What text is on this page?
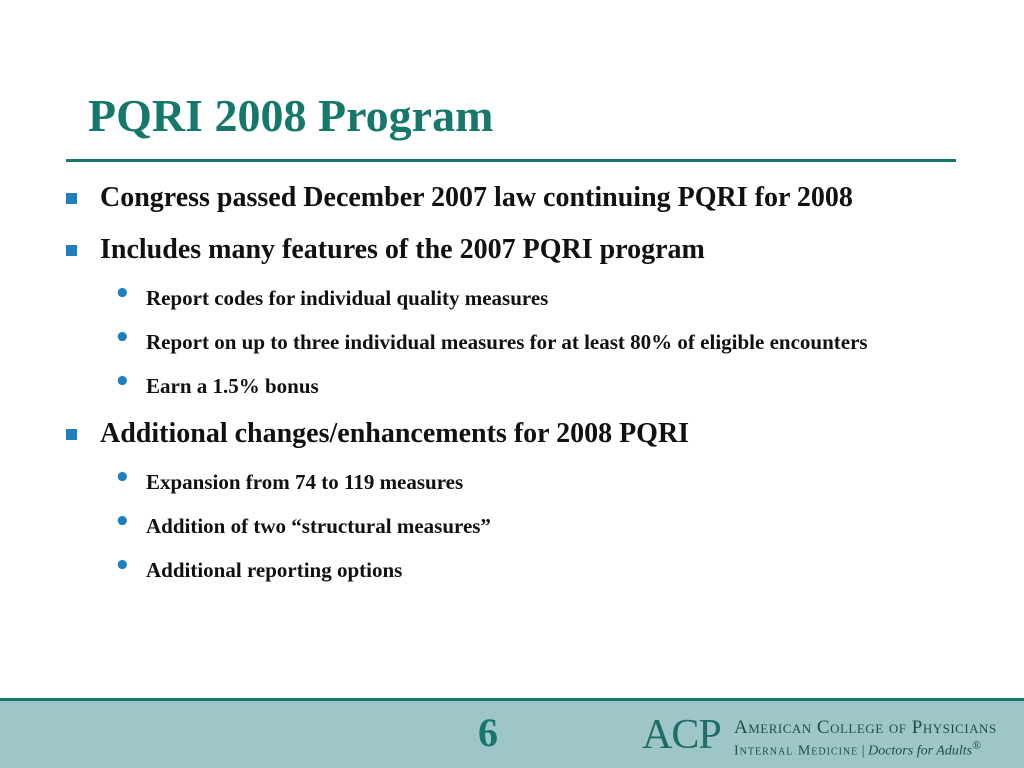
PQRI 2008 Program
Congress passed December 2007 law continuing PQRI for 2008
Includes many features of the 2007 PQRI program
• Report codes for individual quality measures
• Report on up to three individual measures for at least 80% of eligible encounters
• Earn a 1.5% bonus
Additional changes/enhancements for 2008 PQRI
• Expansion from 74 to 119 measures
• Addition of two “structural measures”
• Additional reporting options
6	ACP American College of Physicians
Internal Medicine | Doctors for Adults®
